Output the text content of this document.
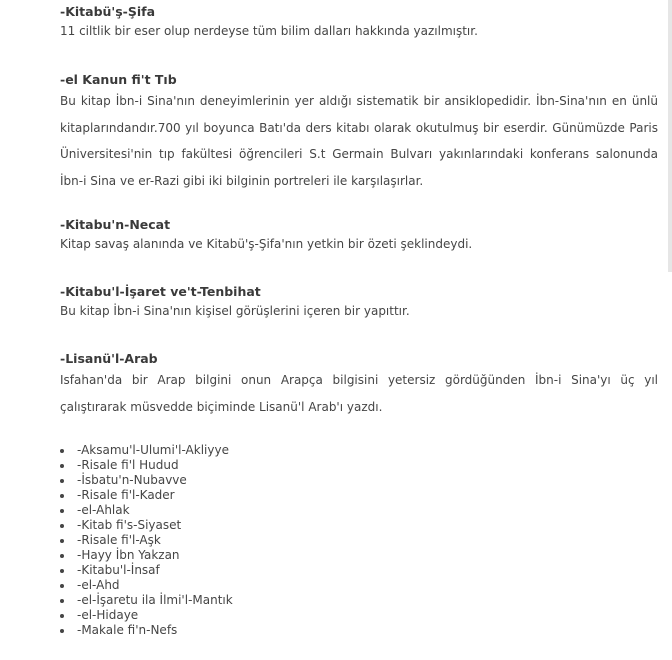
-Kitabü'ş-Şifa

11 ciltlik bir eser olup nerdeyse tüm bilim dalları hakkında yazılmıştır.

-el Kanun fi't Tıb

Bu kitap İbn-i Sina'nın deneyimlerinin yer aldığı sistematik bir ansiklopedidir. İbn-Sina'nın en ünlü kitaplarındandır.700 yıl boyunca Batı'da ders kitabı olarak okutulmuş bir eserdir. Günümüzde Paris Üniversitesi'nin tıp fakültesi öğrencileri S.t Germain Bulvarı yakınlarındaki konferans salonunda İbn-i Sina ve er-Razi gibi iki bilginin portreleri ile karşılaşırlar.

-Kitabu'n-Necat

Kitap savaş alanında ve Kitabü'ş-Şifa'nın yetkin bir özeti şeklindeydi.

-Kitabu'l-İşaret ve't-Tenbihat

Bu kitap İbn-i Sina'nın kişisel görüşlerini içeren bir yapıttır.

-Lisanü'l-Arab

Isfahan'da bir Arap bilgini onun Arapça bilgisini yetersiz gördüğünden İbn-i Sina'yı üç yıl çalıştırarak müsvedde biçiminde Lisanü'l Arab'ı yazdı.

-Aksamu'l-Ulumi'l-Akliyye
-Risale fi'l Hudud
-İsbatu'n-Nubavve
-Risale fi'l-Kader
-el-Ahlak
-Kitab fi's-Siyaset
-Risale fi'l-Aşk
-Hayy İbn Yakzan
-Kitabu'l-İnsaf
-el-Ahd
-el-İşaretu ila İlmi'l-Mantık
-el-Hidaye
-Makale fi'n-Nefs
